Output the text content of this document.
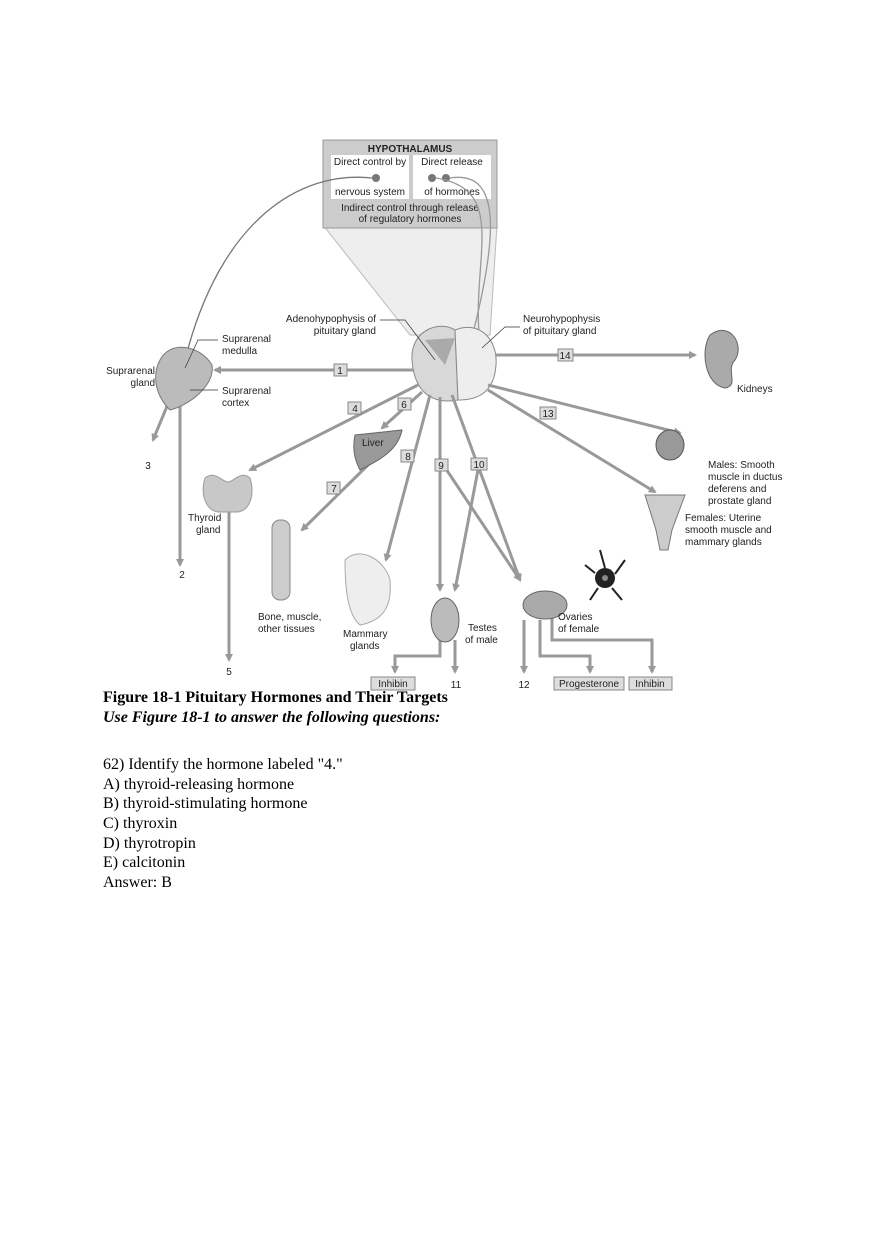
HYPOTHALAMUS
Direct control by
nervous system
Direct release
of hormones
Indirect control through release
of regulatory hormones
1
14
13
4	6
7
8
9	10
2
3
5
11	12
Inhibin	Progesterone Inhibin
Adenohypophysis of
pituitary gland
Neurohypophysis
of pituitary gland
Suprarenal
gland
Suprarenal
medulla
Suprarenal
cortex
Kidneys
Males: Smooth
muscle in ductus
deferens and
prostate gland
Females: Uterine
smooth muscle and
mammary glands
Liver
Thyroid
gland
Bone, muscle,
other tissues	Mammary
glands
Testes
of male
Ovaries
of female
Figure 18-1 Pituitary Hormones and Their Targets
Use Figure 18-1 to answer the following questions:
62) Identify the hormone labeled "4."
A) thyroid-releasing hormone
B) thyroid-stimulating hormone
C) thyroxin
D) thyrotropin
E) calcitonin
Answer: B
